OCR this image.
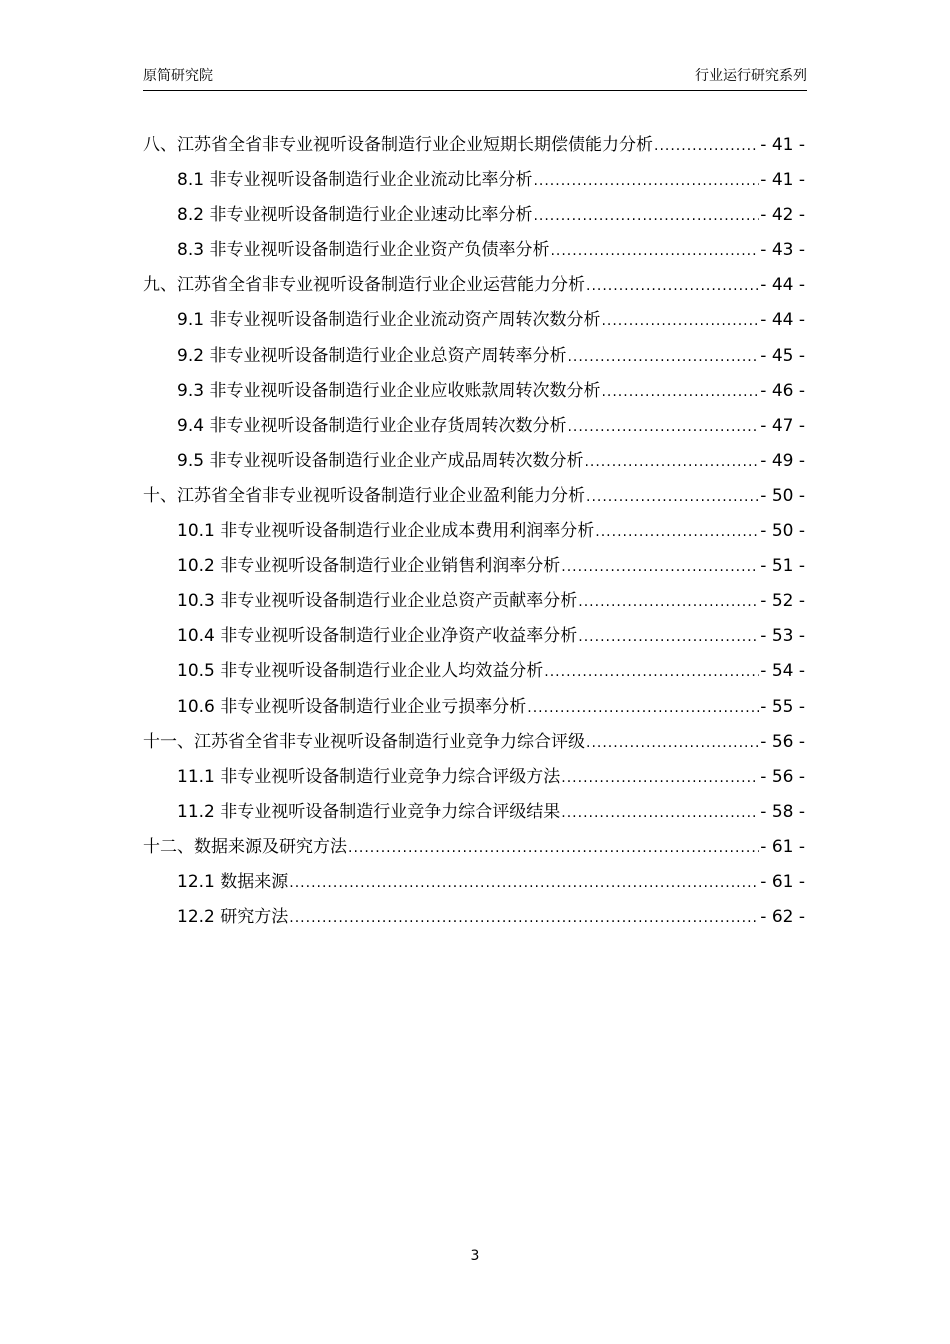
原简研究院	行业运行研究系列
八、江苏省全省非专业视听设备制造行业企业短期长期偿债能力分析 .....	- 41 -
8.1 非专业视听设备制造行业企业流动比率分析 .....	- 41 -
8.2 非专业视听设备制造行业企业速动比率分析 .....	- 42 -
8.3 非专业视听设备制造行业企业资产负债率分析 .....	- 43 -
九、江苏省全省非专业视听设备制造行业企业运营能力分析 .....	- 44 -
9.1 非专业视听设备制造行业企业流动资产周转次数分析 .....	- 44 -
9.2 非专业视听设备制造行业企业总资产周转率分析 .....	- 45 -
9.3 非专业视听设备制造行业企业应收账款周转次数分析 .....	- 46 -
9.4 非专业视听设备制造行业企业存货周转次数分析 .....	- 47 -
9.5 非专业视听设备制造行业企业产成品周转次数分析 .....	- 49 -
十、江苏省全省非专业视听设备制造行业企业盈利能力分析 .....	- 50 -
10.1 非专业视听设备制造行业企业成本费用利润率分析 .....	- 50 -
10.2 非专业视听设备制造行业企业销售利润率分析 .....	- 51 -
10.3 非专业视听设备制造行业企业总资产贡献率分析 .....	- 52 -
10.4 非专业视听设备制造行业企业净资产收益率分析 .....	- 53 -
10.5 非专业视听设备制造行业企业人均效益分析 .....	- 54 -
10.6 非专业视听设备制造行业企业亏损率分析 .....	- 55 -
十一、江苏省全省非专业视听设备制造行业竞争力综合评级 .....	- 56 -
11.1 非专业视听设备制造行业竞争力综合评级方法 .....	- 56 -
11.2 非专业视听设备制造行业竞争力综合评级结果 .....	- 58 -
十二、数据来源及研究方法 .....	- 61 -
12.1 数据来源 .....	- 61 -
12.2 研究方法 .....	- 62 -
3
